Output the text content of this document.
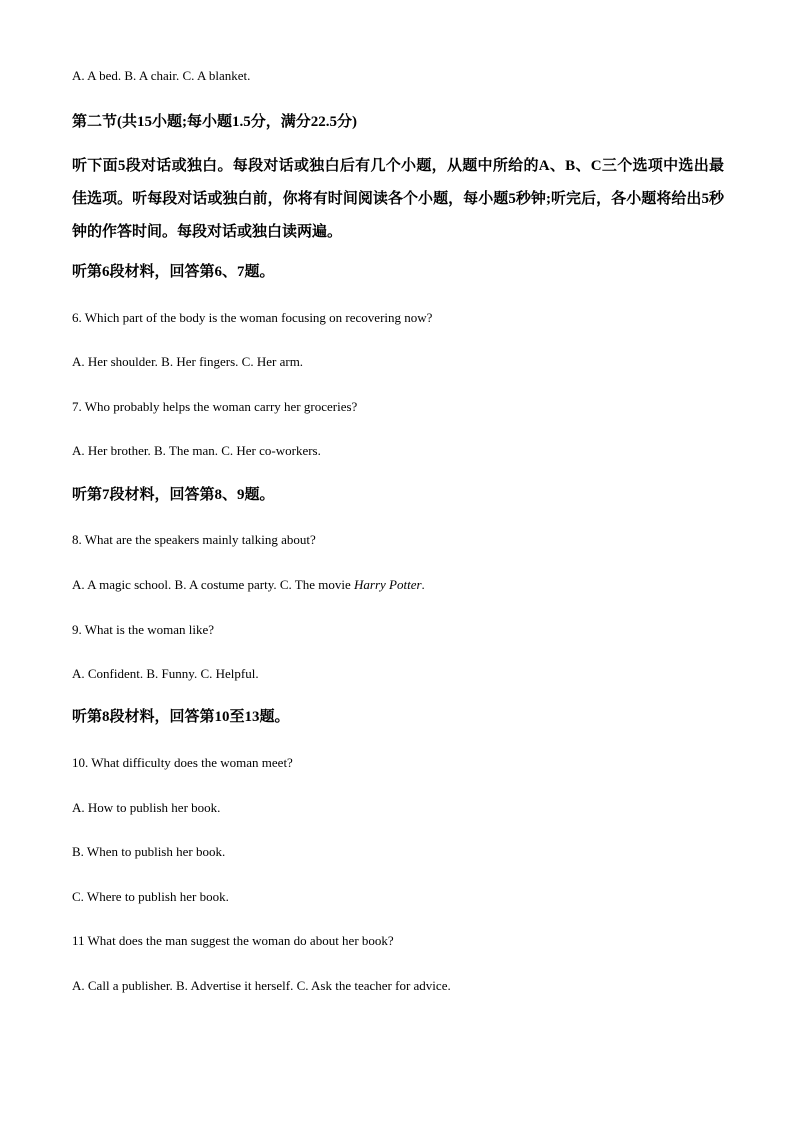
A. A bed. B. A chair. C. A blanket.
第二节(共15小题;每小题1.5分，满分22.5分)

听下面5段对话或独白。每段对话或独白后有几个小题，从题中所给的A、B、C三个选项中选出最佳选项。听每段对话或独白前，你将有时间阅读各个小题，每小题5秒钟;听完后，各小题将给出5秒钟的作答时间。每段对话或独白读两遍。

听第6段材料，回答第6、7题。
6. Which part of the body is the woman focusing on recovering now?
A. Her shoulder. B. Her fingers. C. Her arm.
7. Who probably helps the woman carry her groceries?
A. Her brother. B. The man. C. Her co-workers.
听第7段材料，回答第8、9题。
8. What are the speakers mainly talking about?
A. A magic school. B. A costume party. C. The movie Harry Potter.
9. What is the woman like?
A. Confident. B. Funny. C. Helpful.
听第8段材料，回答第10至13题。
10. What difficulty does the woman meet?
A. How to publish her book.
B. When to publish her book.
C. Where to publish her book.
11 What does the man suggest the woman do about her book?
A. Call a publisher. B. Advertise it herself. C. Ask the teacher for advice.
